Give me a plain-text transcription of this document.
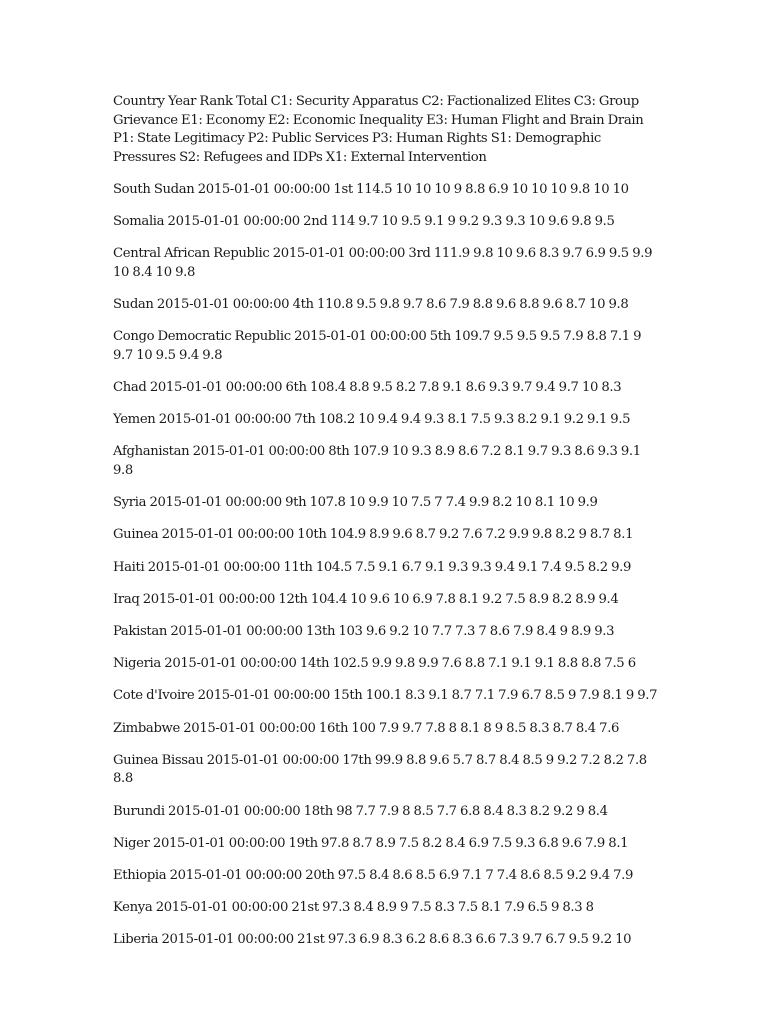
Country Year Rank Total C1: Security Apparatus C2: Factionalized Elites C3: Group Grievance E1: Economy E2: Economic Inequality E3: Human Flight and Brain Drain P1: State Legitimacy P2: Public Services P3: Human Rights S1: Demographic Pressures S2: Refugees and IDPs X1: External Intervention

South Sudan 2015-01-01 00:00:00 1st 114.5 10 10 10 9 8.8 6.9 10 10 10 9.8 10 10

Somalia 2015-01-01 00:00:00 2nd 114 9.7 10 9.5 9.1 9 9.2 9.3 9.3 10 9.6 9.8 9.5

Central African Republic 2015-01-01 00:00:00 3rd 111.9 9.8 10 9.6 8.3 9.7 6.9 9.5 9.9 10 8.4 10 9.8

Sudan 2015-01-01 00:00:00 4th 110.8 9.5 9.8 9.7 8.6 7.9 8.8 9.6 8.8 9.6 8.7 10 9.8

Congo Democratic Republic 2015-01-01 00:00:00 5th 109.7 9.5 9.5 9.5 7.9 8.8 7.1 9 9.7 10 9.5 9.4 9.8

Chad 2015-01-01 00:00:00 6th 108.4 8.8 9.5 8.2 7.8 9.1 8.6 9.3 9.7 9.4 9.7 10 8.3

Yemen 2015-01-01 00:00:00 7th 108.2 10 9.4 9.4 9.3 8.1 7.5 9.3 8.2 9.1 9.2 9.1 9.5

Afghanistan 2015-01-01 00:00:00 8th 107.9 10 9.3 8.9 8.6 7.2 8.1 9.7 9.3 8.6 9.3 9.1 9.8

Syria 2015-01-01 00:00:00 9th 107.8 10 9.9 10 7.5 7 7.4 9.9 8.2 10 8.1 10 9.9

Guinea 2015-01-01 00:00:00 10th 104.9 8.9 9.6 8.7 9.2 7.6 7.2 9.9 9.8 8.2 9 8.7 8.1

Haiti 2015-01-01 00:00:00 11th 104.5 7.5 9.1 6.7 9.1 9.3 9.3 9.4 9.1 7.4 9.5 8.2 9.9

Iraq 2015-01-01 00:00:00 12th 104.4 10 9.6 10 6.9 7.8 8.1 9.2 7.5 8.9 8.2 8.9 9.4

Pakistan 2015-01-01 00:00:00 13th 103 9.6 9.2 10 7.7 7.3 7 8.6 7.9 8.4 9 8.9 9.3

Nigeria 2015-01-01 00:00:00 14th 102.5 9.9 9.8 9.9 7.6 8.8 7.1 9.1 9.1 8.8 8.8 7.5 6

Cote d'Ivoire 2015-01-01 00:00:00 15th 100.1 8.3 9.1 8.7 7.1 7.9 6.7 8.5 9 7.9 8.1 9 9.7

Zimbabwe 2015-01-01 00:00:00 16th 100 7.9 9.7 7.8 8 8.1 8 9 8.5 8.3 8.7 8.4 7.6

Guinea Bissau 2015-01-01 00:00:00 17th 99.9 8.8 9.6 5.7 8.7 8.4 8.5 9 9.2 7.2 8.2 7.8 8.8

Burundi 2015-01-01 00:00:00 18th 98 7.7 7.9 8 8.5 7.7 6.8 8.4 8.3 8.2 9.2 9 8.4

Niger 2015-01-01 00:00:00 19th 97.8 8.7 8.9 7.5 8.2 8.4 6.9 7.5 9.3 6.8 9.6 7.9 8.1

Ethiopia 2015-01-01 00:00:00 20th 97.5 8.4 8.6 8.5 6.9 7.1 7 7.4 8.6 8.5 9.2 9.4 7.9

Kenya 2015-01-01 00:00:00 21st 97.3 8.4 8.9 9 7.5 8.3 7.5 8.1 7.9 6.5 9 8.3 8

Liberia 2015-01-01 00:00:00 21st 97.3 6.9 8.3 6.2 8.6 8.3 6.6 7.3 9.7 6.7 9.5 9.2 10
